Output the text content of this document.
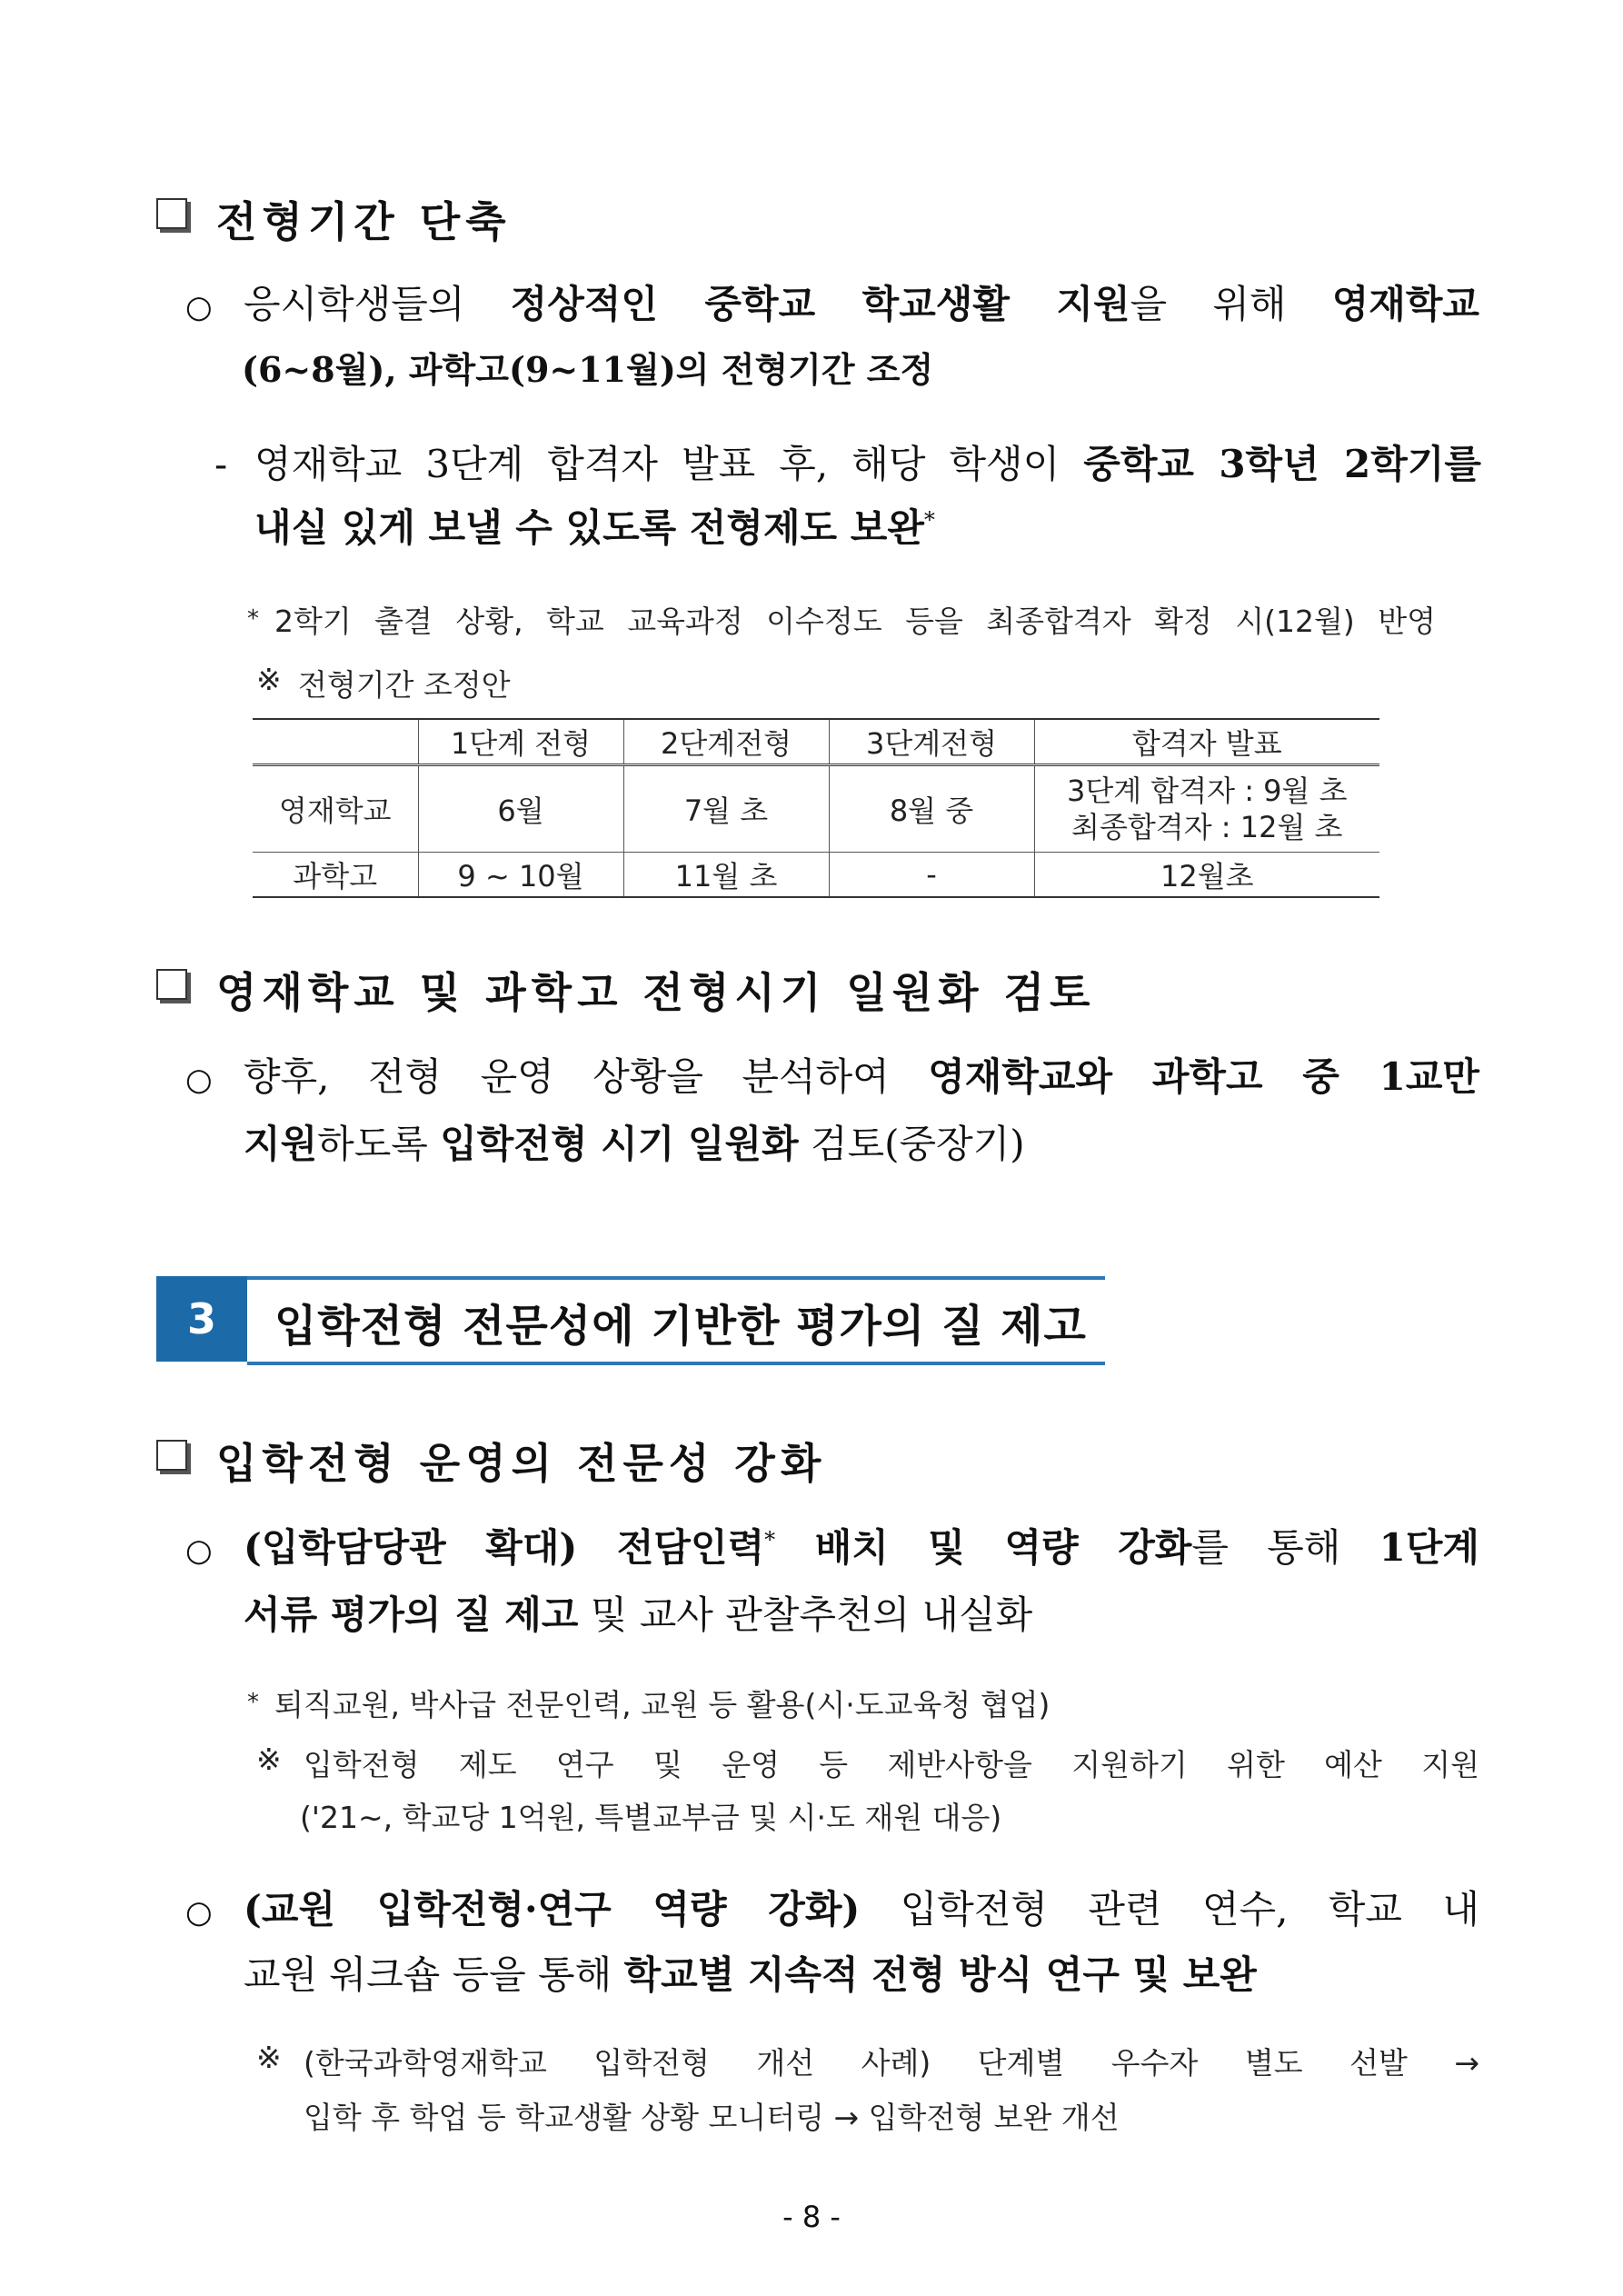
전형기간 단축
○ 응시학생들의 정상적인 중학교 학교생활 지원을 위해 영재학교
(6~8월), 과학고(9~11월)의 전형기간 조정
- 영재학교 3단계 합격자 발표 후, 해당 학생이 중학교 3학년 2학기를
내실 있게 보낼 수 있도록 전형제도 보완*
* 2학기 출결 상황, 학교 교육과정 이수정도 등을 최종합격자 확정 시(12월) 반영
※ 전형기간 조정안
	1단계 전형	2단계전형	3단계전형	합격자 발표
영재학교	6월	7월 초	8월 중	3단계 합격자 : 9월 초
최종합격자 : 12월 초

과학고	9 ~ 10월	11월 초	-	12월초
영재학교 및 과학고 전형시기 일원화 검토
○ 향후, 전형 운영 상황을 분석하여 영재학교와 과학고 중 1교만
지원하도록 입학전형 시기 일원화 검토(중장기)
3	입학전형 전문성에 기반한 평가의 질 제고
입학전형 운영의 전문성 강화
○ (입학담당관 확대) 전담인력* 배치 및 역량 강화를 통해 1단계
서류 평가의 질 제고 및 교사 관찰추천의 내실화
* 퇴직교원, 박사급 전문인력, 교원 등 활용(시·도교육청 협업)
※ 입학전형 제도 연구 및 운영 등 제반사항을 지원하기 위한 예산 지원
('21∼, 학교당 1억원, 특별교부금 및 시·도 재원 대응)
○ (교원 입학전형·연구 역량 강화) 입학전형 관련 연수, 학교 내
교원 워크숍 등을 통해 학교별 지속적 전형 방식 연구 및 보완
※ (한국과학영재학교 입학전형 개선 사례) 단계별 우수자 별도 선발 →
입학 후 학업 등 학교생활 상황 모니터링 → 입학전형 보완 개선
- 8 -
